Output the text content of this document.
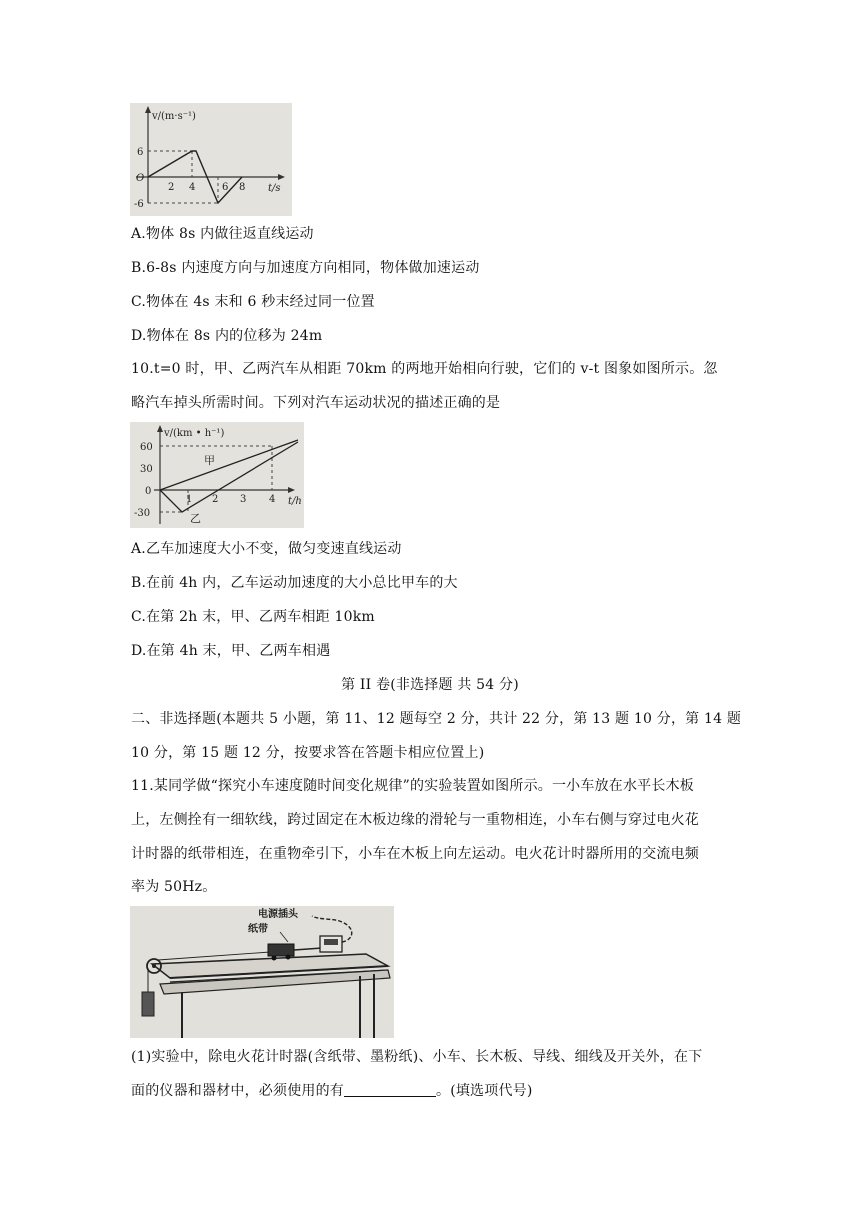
v/(m·s⁻¹)
t/s
O
6
-6
2 4	6 8
A.物体 8s 内做往返直线运动
B.6-8s 内速度方向与加速度方向相同，物体做加速运动
C.物体在 4s 末和 6 秒末经过同一位置
D.物体在 8s 内的位移为 24m
10.t=0 时，甲、乙两汽车从相距 70km 的两地开始相向行驶，它们的 v-t 图象如图所示。忽
略汽车掉头所需时间。下列对汽车运动状况的描述正确的是
v/(km • h⁻¹)
t/h
60
30
0
-30
1 2 3 4
甲
乙
A.乙车加速度大小不变，做匀变速直线运动
B.在前 4h 内，乙车运动加速度的大小总比甲车的大
C.在第 2h 末，甲、乙两车相距 10km
D.在第 4h 末，甲、乙两车相遇
第 II 卷(非选择题 共 54 分)
二、非选择题(本题共 5 小题，第 11、12 题每空 2 分，共计 22 分，第 13 题 10 分，第 14 题
10 分，第 15 题 12 分，按要求答在答题卡相应位置上)
11.某同学做“探究小车速度随时间变化规律”的实验装置如图所示。一小车放在水平长木板
上，左侧拴有一细软线，跨过固定在木板边缘的滑轮与一重物相连，小车右侧与穿过电火花
计时器的纸带相连，在重物牵引下，小车在木板上向左运动。电火花计时器所用的交流电频
率为 50Hz。
电源插头
纸带
(1)实验中，除电火花计时器(含纸带、墨粉纸)、小车、长木板、导线、细线及开关外，在下
面的仪器和器材中，必须使用的有	。(填选项代号)
